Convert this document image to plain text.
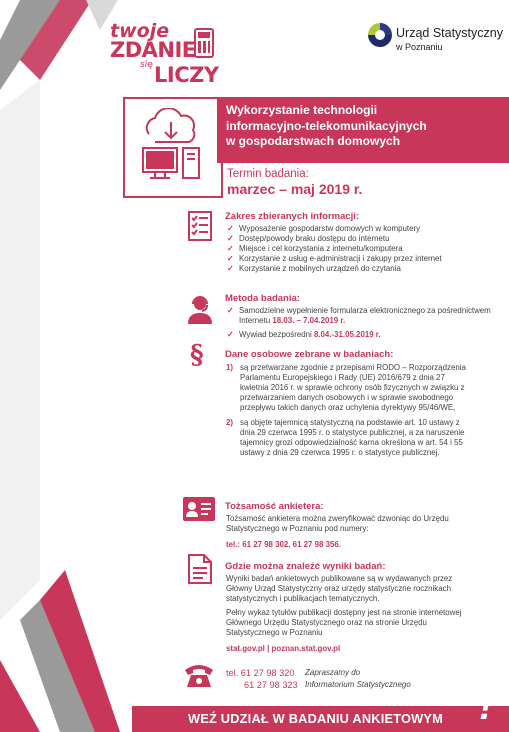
twoje
ZDANIE
się LICZY
Urząd Statystyczny
w Poznaniu
Wykorzystanie technologii
informacyjno-telekomunikacyjnych
w gospodarstwach domowych
Termin badania:
marzec – maj 2019 r.
Zakres zbieranych informacji:
✓ Wyposażenie gospodarstw domowych w komputery
✓ Dostęp/powody braku dostępu do internetu
✓ Miejsce i cel korzystania z internetu/komputera
✓ Korzystanie z usług e-administracji i zakupy przez internet
✓ Korzystanie z mobilnych urządzeń do czytania
Metoda badania:
✓ Samodzielne wypełnienie formularza elektronicznego za pośrednictwem Internetu 18.03. – 7.04.2019 r.
✓ Wywiad bezpośredni 8.04.-31.05.2019 r.
§ Dane osobowe zebrane w badaniach:
1) są przetwarzane zgodnie z przepisami RODO – Rozporządzenia Parlamentu Europejskiego i Rady (UE) 2016/679 z dnia 27 kwietnia 2016 r. w sprawie ochrony osób fizycznych w związku z przetwarzaniem danych osobowych i w sprawie swobodnego przepływu takich danych oraz uchylenia dyrektywy 95/46/WE,
2) są objęte tajemnicą statystyczną na podstawie art. 10 ustawy z dnia 29 czerwca 1995 r. o statystyce publicznej, a za naruszenie tajemnicy grozi odpowiedzialność karna określona w art. 54 i 55 ustawy z dnia 29 czerwca 1995 r. o statystyce publicznej.
Tożsamość ankietera:
Tożsamość ankietera można zweryfikować dzwoniąc do Urzędu Statystycznego w Poznaniu pod numery:
tel.: 61 27 98 302, 61 27 98 356.
Gdzie można znaleźć wyniki badań:
Wyniki badań ankietowych publikowane są w wydawanych przez Główny Urząd Statystyczny oraz urzędy statystyczne rocznikach statystycznych i publikacjach tematycznych.
Pełny wykaz tytułów publikacji dostępny jest na stronie internetowej Głównego Urzędu Statystycznego oraz na stronie Urzędu Statystycznego w Poznaniu
stat.gov.pl | poznan.stat.gov.pl
tel. 61 27 98 320
61 27 98 323
Zapraszamy do
Informatorium Statystycznego
WEŹ UDZIAŁ W BADANIU ANKIETOWYM !
